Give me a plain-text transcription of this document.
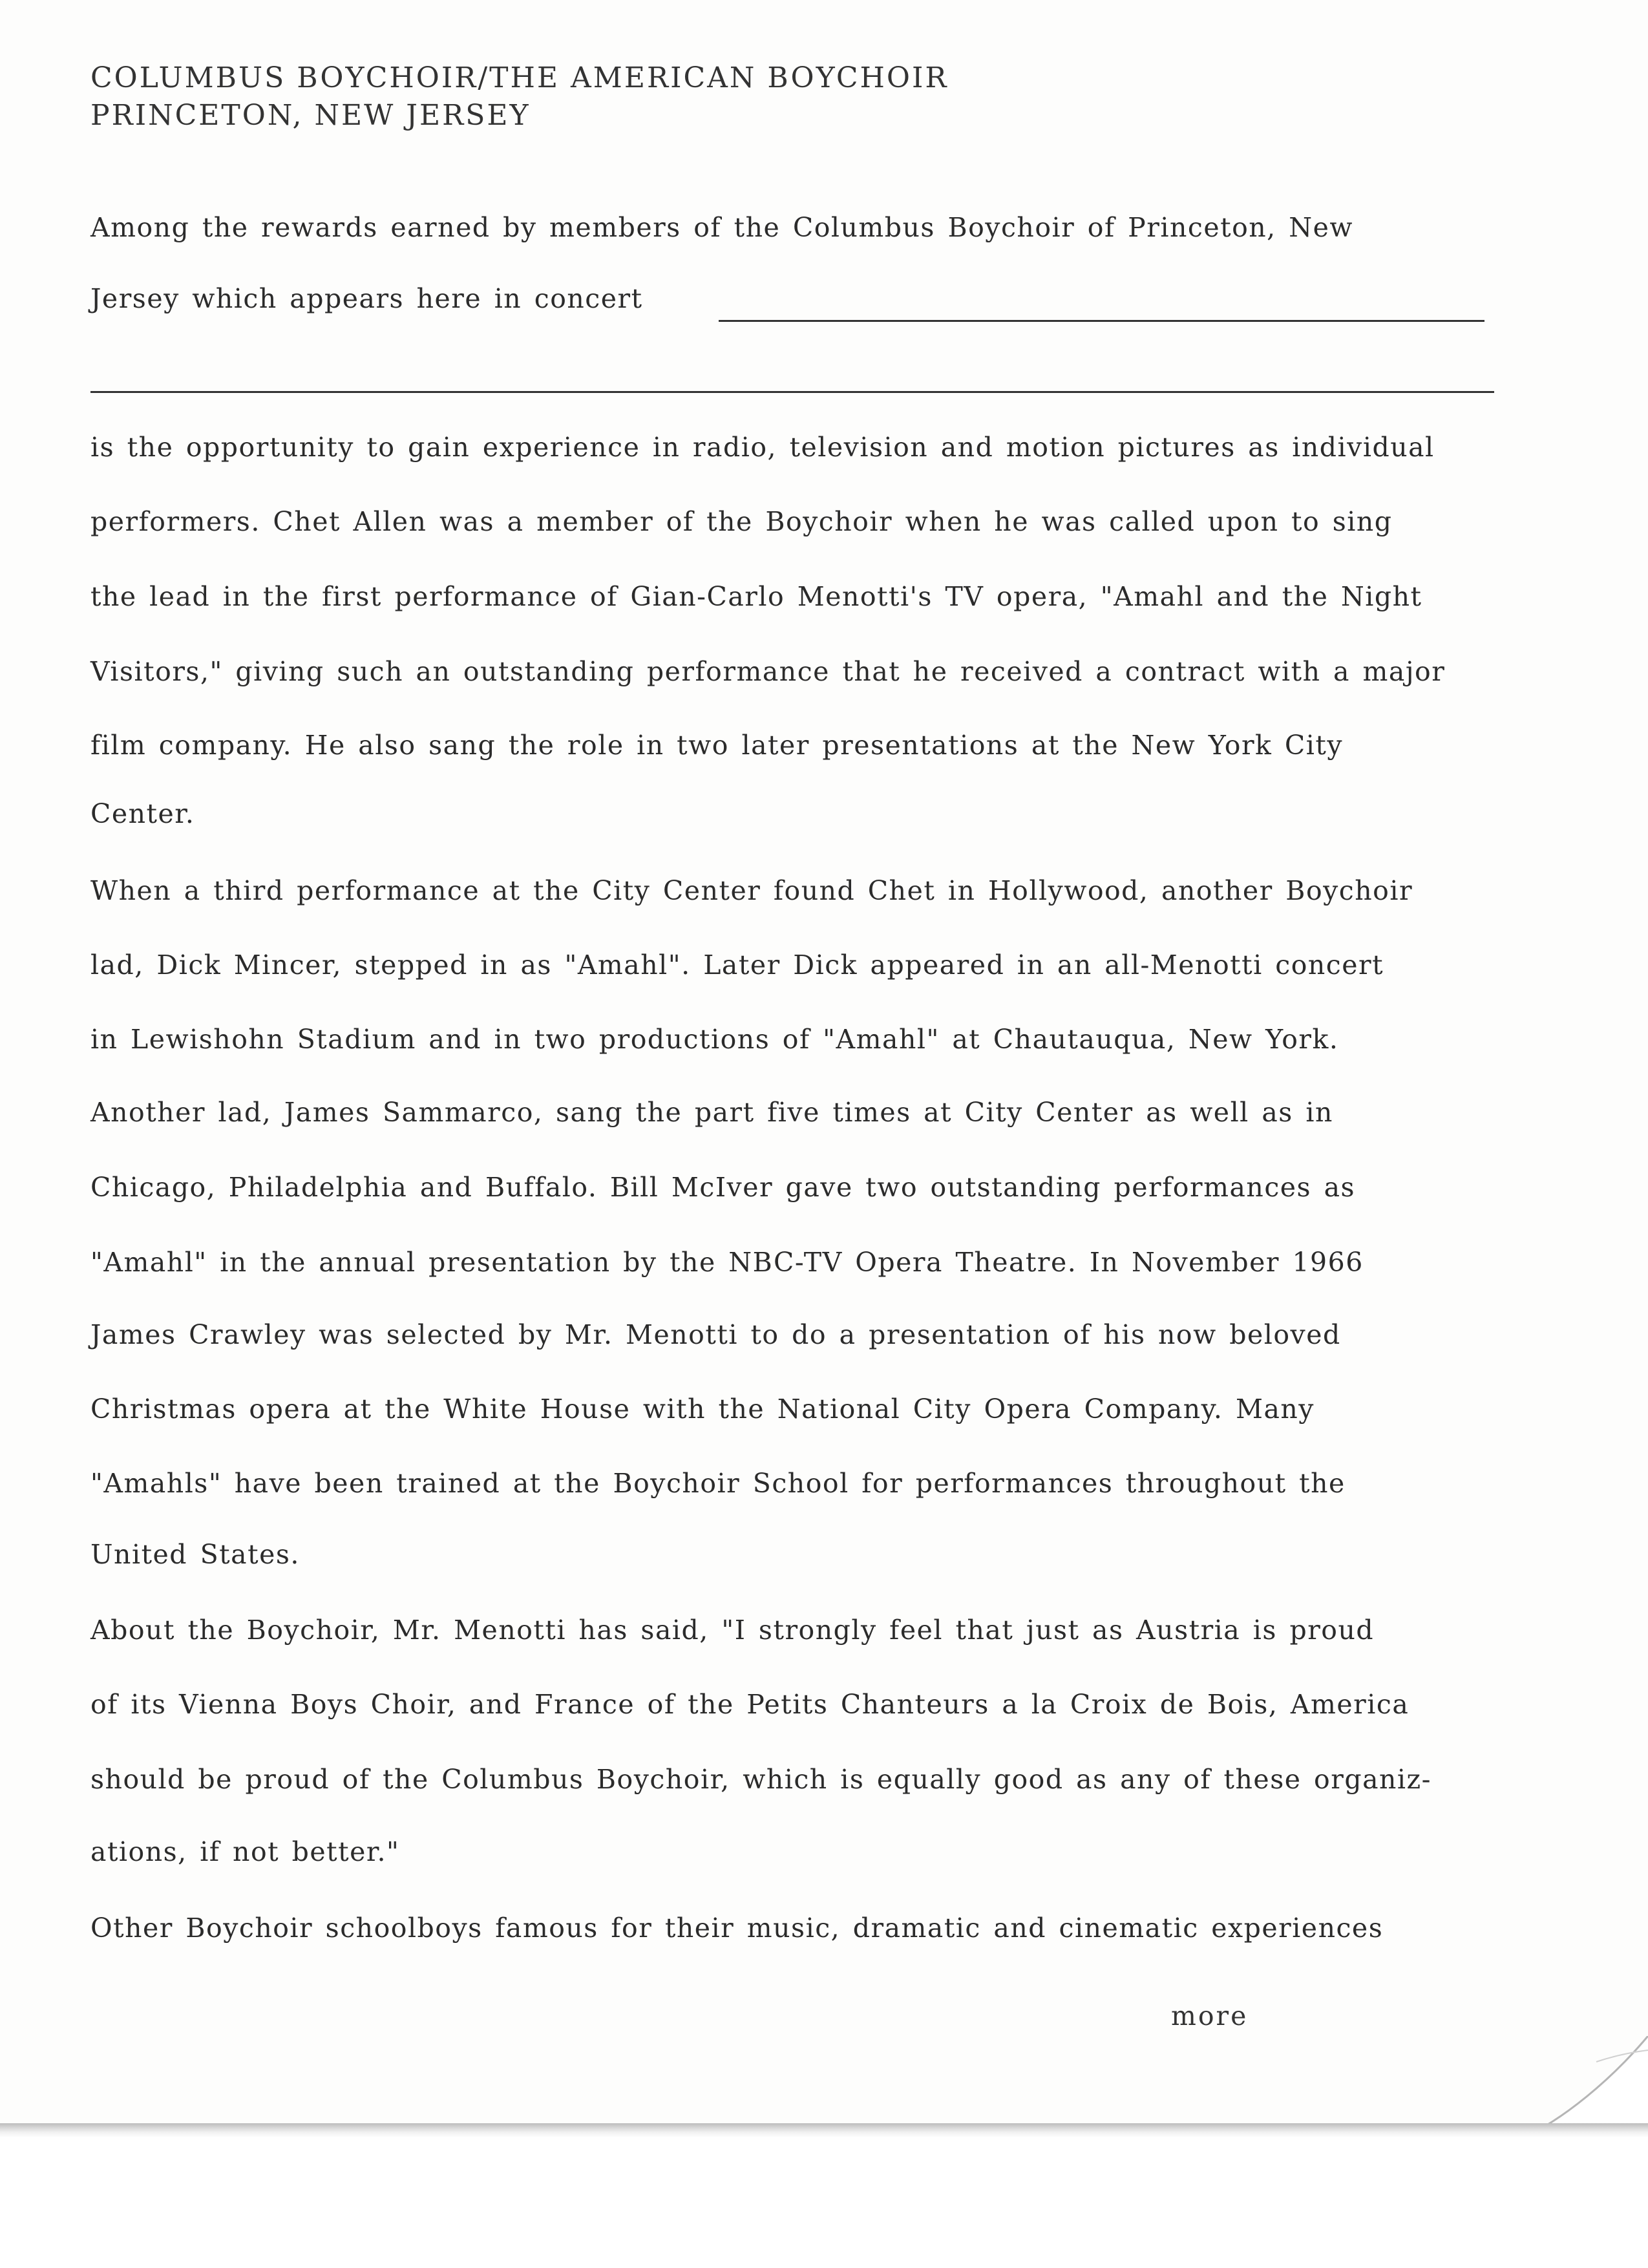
COLUMBUS BOYCHOIR/THE AMERICAN BOYCHOIR
PRINCETON, NEW JERSEY
Among the rewards earned by members of the Columbus Boychoir of Princeton, New
Jersey which appears here in concert
is the opportunity to gain experience in radio, television and motion pictures as individual
performers. Chet Allen was a member of the Boychoir when he was called upon to sing
the lead in the first performance of Gian-Carlo Menotti's TV opera, "Amahl and the Night
Visitors," giving such an outstanding performance that he received a contract with a major
film company. He also sang the role in two later presentations at the New York City
Center.
When a third performance at the City Center found Chet in Hollywood, another Boychoir
lad, Dick Mincer, stepped in as "Amahl". Later Dick appeared in an all-Menotti concert
in Lewishohn Stadium and in two productions of "Amahl" at Chautauqua, New York.
Another lad, James Sammarco, sang the part five times at City Center as well as in
Chicago, Philadelphia and Buffalo. Bill McIver gave two outstanding performances as
"Amahl" in the annual presentation by the NBC-TV Opera Theatre. In November 1966
James Crawley was selected by Mr. Menotti to do a presentation of his now beloved
Christmas opera at the White House with the National City Opera Company. Many
"Amahls" have been trained at the Boychoir School for performances throughout the
United States.
About the Boychoir, Mr. Menotti has said, "I strongly feel that just as Austria is proud
of its Vienna Boys Choir, and France of the Petits Chanteurs a la Croix de Bois, America
should be proud of the Columbus Boychoir, which is equally good as any of these organiz-
ations, if not better."
Other Boychoir schoolboys famous for their music, dramatic and cinematic experiences
more
